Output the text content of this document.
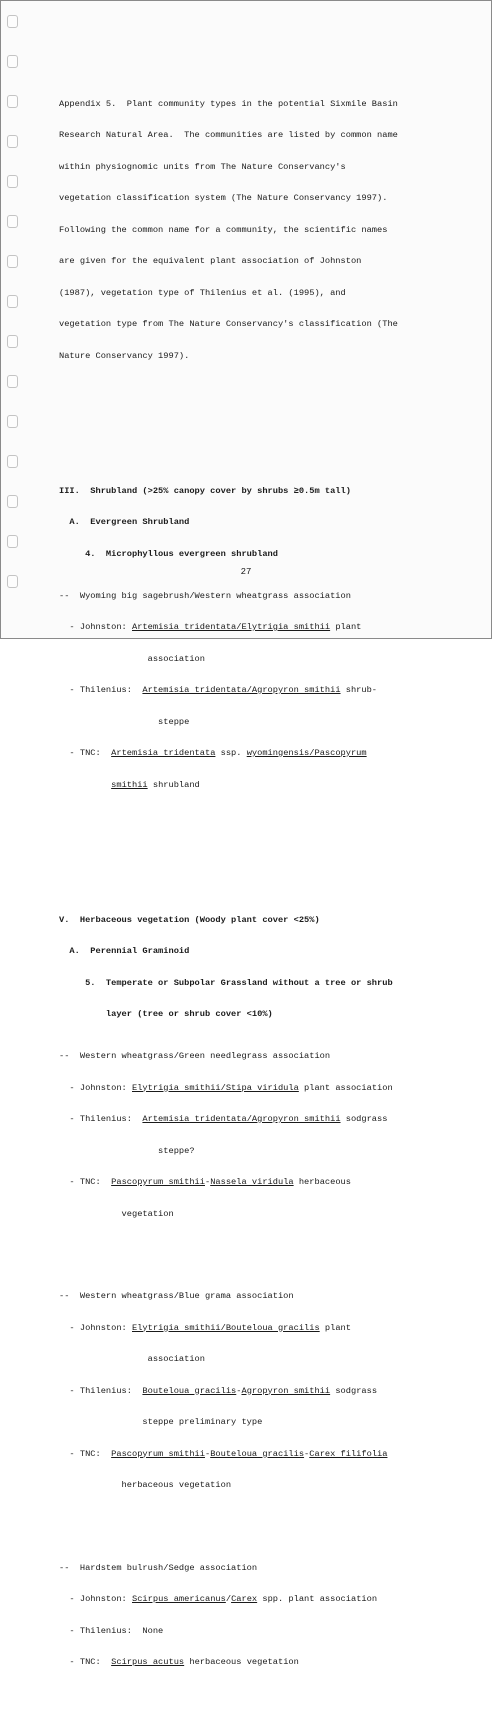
Appendix 5.  Plant community types in the potential Sixmile Basin

Research Natural Area.  The communities are listed by common name

within physiognomic units from The Nature Conservancy's

vegetation classification system (The Nature Conservancy 1997).

Following the common name for a community, the scientific names

are given for the equivalent plant association of Johnston

(1987), vegetation type of Thilenius et al. (1995), and

vegetation type from The Nature Conservancy's classification (The

Nature Conservancy 1997).

III.  Shrubland (>25% canopy cover by shrubs ≥0.5m tall)

A.  Evergreen Shrubland

4.  Microphyllous evergreen shrubland

--  Wyoming big sagebrush/Western wheatgrass association

- Johnston: Artemisia tridentata/Elytrigia smithii plant

association

- Thilenius:  Artemisia tridentata/Agropyron smithii shrub-

steppe

- TNC:  Artemisia tridentata ssp. wyomingensis/Pascopyrum

smithii shrubland

V.  Herbaceous vegetation (Woody plant cover <25%)

A.  Perennial Graminoid

5.  Temperate or Subpolar Grassland without a tree or shrub

layer (tree or shrub cover <10%)

--  Western wheatgrass/Green needlegrass association

- Johnston: Elytrigia smithii/Stipa viridula plant association

- Thilenius:  Artemisia tridentata/Agropyron smithii sodgrass

steppe?

- TNC:  Pascopyrum smithii-Nassela viridula herbaceous

vegetation

--  Western wheatgrass/Blue grama association

- Johnston: Elytrigia smithii/Bouteloua gracilis plant

association

- Thilenius:  Bouteloua gracilis-Agropyron smithii sodgrass

steppe preliminary type

- TNC:  Pascopyrum smithii-Bouteloua gracilis-Carex filifolia

herbaceous vegetation

--  Hardstem bulrush/Sedge association

- Johnston: Scirpus americanus/Carex spp. plant association

- Thilenius:  None

- TNC:  Scirpus acutus herbaceous vegetation

27
